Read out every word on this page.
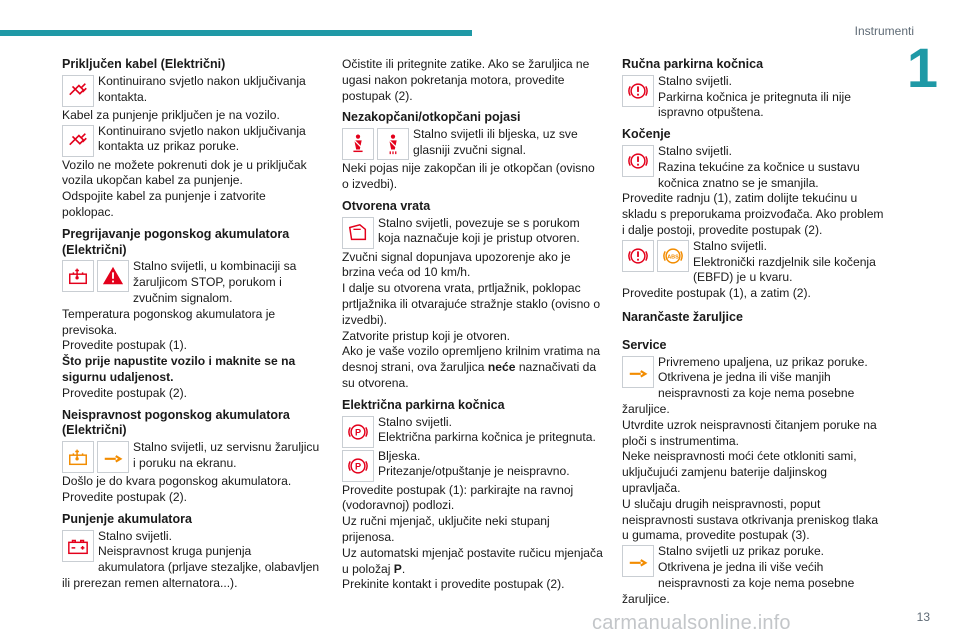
Instrumenti
1
Priključen kabel (Električni)
Kontinuirano svjetlo nakon uključivanja kontakta.
Kabel za punjenje priključen je na vozilo.
Kontinuirano svjetlo nakon uključivanja kontakta uz prikaz poruke.
Vozilo ne možete pokrenuti dok je u priključak vozila ukopčan kabel za punjenje.
Odspojite kabel za punjenje i zatvorite poklopac.
Pregrijavanje pogonskog akumulatora (Električni)
Stalno svijetli, u kombinaciji sa žaruljicom STOP, porukom i zvučnim signalom.
Temperatura pogonskog akumulatora je previsoka.
Provedite postupak (1).
Što prije napustite vozilo i maknite se na sigurnu udaljenost.
Provedite postupak (2).
Neispravnost pogonskog akumulatora (Električni)
Stalno svijetli, uz servisnu žaruljicu i poruku na ekranu.
Došlo je do kvara pogonskog akumulatora.
Provedite postupak (2).
Punjenje akumulatora
Stalno svijetli.
Neispravnost kruga punjenja akumulatora (prljave stezaljke, olabavljen ili prerezan remen alternatora...).
Očistite ili pritegnite zatike. Ako se žaruljica ne ugasi nakon pokretanja motora, provedite postupak (2).
Nezakopčani/otkopčani pojasi
Stalno svijetli ili bljeska, uz sve glasniji zvučni signal.
Neki pojas nije zakopčan ili je otkopčan (ovisno o izvedbi).
Otvorena vrata
Stalno svijetli, povezuje se s porukom koja naznačuje koji je pristup otvoren.
Zvučni signal dopunjava upozorenje ako je brzina veća od 10 km/h.
I dalje su otvorena vrata, prtljažnik, poklopac prtljažnika ili otvarajuće stražnje staklo (ovisno o izvedbi).
Zatvorite pristup koji je otvoren.
Ako je vaše vozilo opremljeno krilnim vratima na desnoj strani, ova žaruljica neće naznačivati da su otvorena.
Električna parkirna kočnica
P
Stalno svijetli.
Električna parkirna kočnica je pritegnuta.
P
Bljeska.
Pritezanje/otpuštanje je neispravno.
Provedite postupak (1): parkirajte na ravnoj (vodoravnoj) podlozi.
Uz ručni mjenjač, uključite neki stupanj prijenosa.
Uz automatski mjenjač postavite ručicu mjenjača u položaj P.
Prekinite kontakt i provedite postupak (2).
Ručna parkirna kočnica
Stalno svijetli.
Parkirna kočnica je pritegnuta ili nije ispravno otpuštena.
Kočenje
Stalno svijetli.
Razina tekućine za kočnice u sustavu kočnica znatno se je smanjila.
Provedite radnju (1), zatim dolijte tekućinu u skladu s preporukama proizvođača. Ako problem i dalje postoji, provedite postupak (2).
ABS
Stalno svijetli.
Elektronički razdjelnik sile kočenja (EBFD) je u kvaru.
Provedite postupak (1), a zatim (2).
Narančaste žaruljice
Service
Privremeno upaljena, uz prikaz poruke.
Otkrivena je jedna ili više manjih neispravnosti za koje nema posebne žaruljice.
Utvrdite uzrok neispravnosti čitanjem poruke na ploči s instrumentima.
Neke neispravnosti moći ćete otkloniti sami, uključujući zamjenu baterije daljinskog upravljača.
U slučaju drugih neispravnosti, poput neispravnosti sustava otkrivanja preniskog tlaka u gumama, provedite postupak (3).
Stalno svijetli uz prikaz poruke.
Otkrivena je jedna ili više većih neispravnosti za koje nema posebne žaruljice.
carmanualsonline.info	13
